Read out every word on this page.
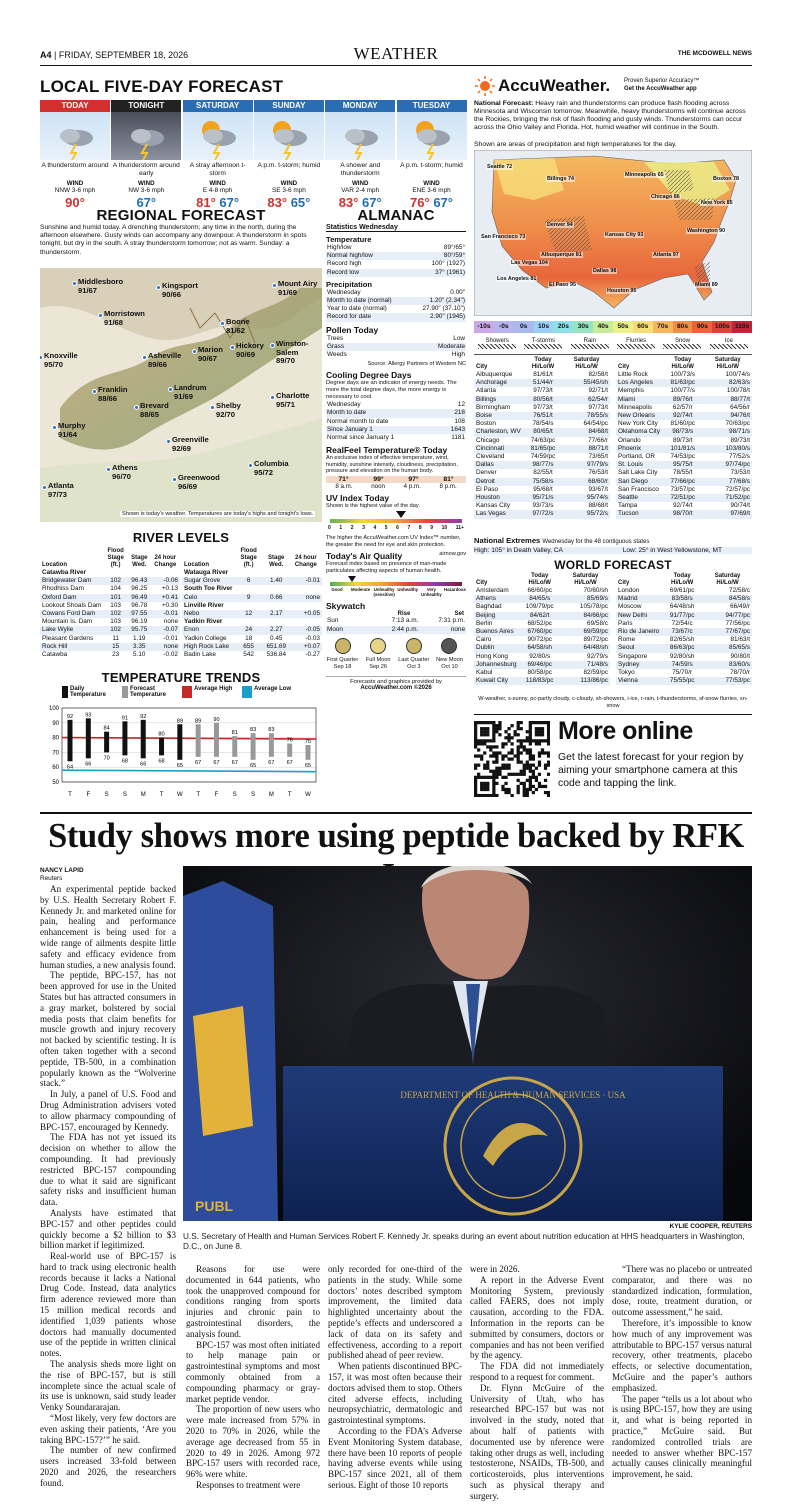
A4 | FRIDAY, SEPTEMBER 18, 2026	WEATHER	THE MCDOWELL NEWS
LOCAL FIVE-DAY FORECAST
TODAY
A thunderstorm around
WIND
NNW 3-6 mph
90°
TONIGHT
A thunderstorm around early
WIND
NW 3-6 mph
67°
SATURDAY
A stray afternoon t-storm
WIND
E 4-8 mph
81° 67°
SUNDAY
A p.m. t-storm; humid
WIND
SE 3-6 mph
83° 65°
MONDAY
A shower and thunderstorm
WIND
VAR 2-4 mph
83° 67°
TUESDAY
A p.m. t-storm; humid
WIND
ENE 3-6 mph
76° 67°
REGIONAL FORECAST
Sunshine and humid today. A drenching thunderstorm; any time in the north, during the afternoon elsewhere. Gusty winds can accompany any downpour. A thunderstorm in spots tonight, but dry in the south. A stray thunderstorm tomorrow; not as warm. Sunday: a thunderstorm.
Middlesboro
91/67	Kingsport
90/66
Mount Airy
91/69
Morristown
91/68	Boone
81/62
Knoxville
95/70
Asheville
89/66
Marion
90/67
Hickory
90/69
Winston-Salem
89/70
Franklin
88/66
Landrum
91/69
Brevard
88/65
Shelby
92/70
Charlotte
95/71
Murphy
91/64
Greenville
92/69
Athens
96/70	Greenwood
96/69
Columbia
95/72
Atlanta
97/73
Shown is today's weather. Temperatures are today's highs and tonight's lows.
ALMANAC
Statistics Wednesday
Temperature
High/low	89°/65°
Normal high/low	80°/59°
Record high	100° (1927)
Record low	37° (1961)
Precipitation
Wednesday	0.00"
Month to date (normal)	1.20" (2.34")
Year to date (normal)	27.90" (37.10")
Record for date	2.90" (1945)
Pollen Today
Trees	Low
Grass	Moderate
Weeds	High
Source: Allergy Partners of Western NC
Cooling Degree Days
Degree days are an indicator of energy needs. The more the total degree days, the more energy is necessary to cool.
Wednesday	12
Month to date	218
Normal month to date	108
Since January 1	1643
Normal since January 1	1181
RealFeel Temperature® Today
An exclusive index of effective temperature, wind, humidity, sunshine intensity, cloudiness, precipitation, pressure and elevation on the human body.
71°	99°	97°	81°
8 a.m.	noon	4 p.m.	8 p.m.
UV Index Today
Shown is the highest value of the day.
0 1 2 3 4 5 6 7 8 9 10 11+
The higher the AccuWeather.com UV Index™ number, the greater the need for eye and skin protection.
Today's Air Quality	airnow.gov
Forecast index based on presence of man-made particulates affecting aspects of human health.
Good	Moderate Unhealthy (sensitive)
Unhealthy	Very Unhealthy
Hazardous
Skywatch
Rise	Set
Sun	7:13 a.m.	7:31 p.m.
Moon	2:44 p.m.	none
First Quarter
Sep 18
Full Moon
Sep 26
Last Quarter
Oct 3
New Moon
Oct 10
Forecasts and graphics provided by
AccuWeather.com ©2026
RIVER LEVELS
Location	Flood Stage (ft.)	Stage Wed.	24 hour Change
Catawba River			
Bridgewater Dam	102	96.43	-0.06
Rhodhiss Dam	104	96.25	+0.13
Oxford Dam	101	96.49	+0.41
Lookout Shoals Dam	103	96.78	+0.30
Cowans Ford Dam	102	97.55	-0.01
Mountain Is. Dam	103	96.19	none
Lake Wylie	102	95.75	-0.07
Pleasant Gardens	11	1.19	-0.01
Rock Hill	15	3.35	none
Catawba	23	5.10	-0.02
Location	Flood Stage (ft.)	Stage Wed.	24 hour Change
Watauga River			
Sugar Grove	6	1.40	-0.01
South Toe River			
Celo	9	0.66	none
Linville River			
Nebo	12	2.17	+0.05
Yadkin River			
Enon	24	2.27	-0.05
Yadkin College	18	0.45	-0.03
High Rock Lake	655	651.69	+0.07
Badin Lake	542	536.84	-0.27
TEMPERATURE TRENDS
Daily Temperature
Forecast Temperature
Average High	Average Low
100
90
80
70
60
50
92
64
T
93
66
F
84
70
S
91
68
S
92
66
M
80
68
T
89
65
W
89
67
T
90
67
F
81
67
S
83
65
S
83
67
M
76
67
T
75
65
W
AccuWeather. Proven Superior Accuracy™
Get the AccuWeather app
National Forecast: Heavy rain and thunderstorms can produce flash flooding across Minnesota and Wisconsin tomorrow. Meanwhile, heavy thunderstorms will continue across the Rockies, bringing the risk of flash flooding and gusty winds. Thunderstorms can occur across the Ohio Valley and Florida. Hot, humid weather will continue in the South.
Shown are areas of precipitation and high temperatures for the day.
Seattle 72
Billings 74
Minneapolis 65
Chicago 86
Boston 78
New York 85
Denver 94
Kansas City 93
Washington 90
San Francisco 73
Las Vegas 104
Albuquerque 81
Dallas 98
Atlanta 97
Los Angeles 81
El Paso 95
Houston 95
Miami 89
-10s	-0s	0s	10s	20s	30s	40s	50s	60s	70s	80s	90s	100s 110s
Showers	T-storms	Rain	Flurries	Snow	Ice
City	Today Hi/Lo/W	Saturday Hi/Lo/W
Albuquerque	81/61/t	82/58/t
Anchorage	51/44/r	55/45/sh
Atlanta	97/73/t	92/71/t
Billings	80/56/t	62/54/r
Birmingham	97/73/t	97/73/t
Boise	76/51/t	78/55/s
Boston	78/54/s	64/54/pc
Charleston, WV	80/65/t	84/68/t
Chicago	74/63/pc	77/66/r
Cincinnati	81/65/pc	88/71/t
Cleveland	74/59/pc	73/65/t
Dallas	98/77/s	97/79/s
Denver	82/55/t	76/53/t
Detroit	75/58/s	68/60/r
El Paso	95/68/t	93/67/t
Houston	95/71/s	95/74/s
Kansas City	93/73/s	88/68/t
Las Vegas	97/72/s	95/72/s
City	Today Hi/Lo/W	Saturday Hi/Lo/W
Little Rock	100/73/s	100/74/s
Los Angeles	81/63/pc	82/63/s
Memphis	100/77/s	100/78/t
Miami	89/76/t	88/77/t
Minneapolis	62/57/r	64/56/r
New Orleans	92/74/t	94/76/t
New York City	81/60/pc	70/63/pc
Oklahoma City	98/73/s	98/71/s
Orlando	89/73/t	89/73/t
Phoenix	101/81/s	103/80/s
Portland, OR	74/53/pc	77/52/s
St. Louis	95/75/t	97/74/pc
Salt Lake City	78/55/t	73/53/t
San Diego	77/66/pc	77/68/s
San Francisco	73/57/pc	72/57/pc
Seattle	72/51/pc	71/52/pc
Tampa	92/74/t	90/74/t
Tucson	98/70/t	97/69/t
National Extremes Wednesday for the 48 contiguous states
High: 105° in Death Valley, CA	Low: 25° in West Yellowstone, MT
WORLD FORECAST
City	Today Hi/Lo/W	Saturday Hi/Lo/W
Amsterdam	66/60/pc	70/60/sh
Athens	84/65/s	85/69/s
Baghdad	109/79/pc	105/78/pc
Beijing	84/62/t	84/66/pc
Berlin	68/52/pc	69/58/c
Buenos Aires	67/60/pc	69/59/pc
Cairo	90/72/pc	89/72/pc
Dublin	64/58/sh	64/48/sh
Hong Kong	92/80/s	92/79/s
Johannesburg	69/46/pc	71/48/s
Kabul	80/58/pc	82/59/pc
Kuwait City	118/83/pc	113/86/pc
City	Today Hi/Lo/W	Saturday Hi/Lo/W
London	69/61/pc	72/58/c
Madrid	83/58/s	84/58/s
Moscow	64/48/sh	66/49/r
New Delhi	91/77/pc	94/77/pc
Paris	72/54/c	77/56/pc
Rio de Janeiro	73/67/c	77/67/pc
Rome	82/65/sh	81/63/t
Seoul	86/63/pc	85/65/s
Singapore	92/80/sh	90/80/t
Sydney	74/59/s	83/60/s
Tokyo	75/70/r	78/70/r
Vienna	75/55/pc	77/53/pc
W-weather, s-sunny, pc-partly cloudy, c-cloudy, sh-showers, i-ice, r-rain, t-thunderstorms, sf-snow flurries, sn-snow
More online
Get the latest forecast for your region by aiming your smartphone camera at this code and tapping the link.
Study shows more using peptide backed by RFK
NANCY LAPID
Reuters
DEPARTMENT OF HEALTH & HUMAN SERVICES · USA
PUBL
KYLIE COOPER, REUTERS
U.S. Secretary of Health and Human Services Robert F. Kennedy Jr. speaks during an event about nutrition education at HHS headquarters in Washington, D.C., on June 8.

An experimental peptide backed by U.S. Health Secretary Robert F. Kennedy Jr. and marketed online for pain, healing and performance enhancement is being used for a wide range of ailments despite little safety and efficacy evidence from human studies, a new analysis found.

The peptide, BPC-157, has not been approved for use in the United States but has attracted consumers in a gray market, bolstered by social media posts that claim benefits for muscle growth and injury recovery not backed by scientific testing. It is often taken together with a second peptide, TB-500, in a combination popularly known as the “Wolverine stack.”

In July, a panel of U.S. Food and Drug Administration advisers voted to allow pharmacy compounding of BPC-157, encouraged by Kennedy.

The FDA has not yet issued its decision on whether to allow the compounding. It had previously restricted BPC-157 compounding due to what it said are significant safety risks and insufficient human data.

Analysts have estimated that BPC-157 and other peptides could quickly become a $2 billion to $3 billion market if legitimized.

Real-world use of BPC-157 is hard to track using electronic health records because it lacks a National Drug Code. Instead, data analytics firm aderence reviewed more than 15 million medical records and identified 1,039 patients whose doctors had manually documented use of the peptide in written clinical notes.

The analysis sheds more light on the rise of BPC-157, but is still incomplete since the actual scale of its use is unknown, said study leader Venky Soundararajan.

“Most likely, very few doctors are even asking their patients, ‘Are you taking BPC-157?’” he said.

The number of new confirmed users increased 33-fold between 2020 and 2026, the researchers found.

Reasons for use were documented in 644 patients, who took the unapproved compound for conditions ranging from sports injuries and chronic pain to gastrointestinal disorders, the analysis found.

BPC-157 was most often initiated to help manage pain or gastrointestinal symptoms and most commonly obtained from a compounding pharmacy or gray-market peptide vendor.

The proportion of new users who were male increased from 57% in 2020 to 70% in 2026, while the average age decreased from 55 in 2020 to 49 in 2026. Among 972 BPC-157 users with recorded race, 96% were white.

Responses to treatment were

only recorded for one-third of the patients in the study. While some doctors’ notes described symptom improvement, the limited data highlighted uncertainty about the peptide’s effects and underscored a lack of data on its safety and effectiveness, according to a report published ahead of peer review.

When patients discontinued BPC-157, it was most often because their doctors advised them to stop. Others cited adverse effects, including neuropsychiatric, dermatologic and gastrointestinal symptoms.

According to the FDA’s Adverse Event Monitoring System database, there have been 10 reports of people having adverse events while using BPC-157 since 2021, all of them serious. Eight of those 10 reports

were in 2026.

A report in the Adverse Event Monitoring System, previously called FAERS, does not imply causation, according to the FDA. Information in the reports can be submitted by consumers, doctors or companies and has not been verified by the agency.

The FDA did not immediately respond to a request for comment.

Dr. Flynn McGuire of the University of Utah, who has researched BPC-157 but was not involved in the study, noted that about half of patients with documented use by nference were taking other drugs as well, including testosterone, NSAIDs, TB-500, and corticosteroids, plus interventions such as physical therapy and surgery.

“There was no placebo or untreated comparator, and there was no standardized indication, formulation, dose, route, treatment duration, or outcome assessment,” he said.

Therefore, it’s impossible to know how much of any improvement was attributable to BPC-157 versus natural recovery, other treatments, placebo effects, or selective documentation, McGuire and the paper’s authors emphasized.

The paper “tells us a lot about who is using BPC-157, how they are using it, and what is being reported in practice,” McGuire said. But randomized controlled trials are needed to answer whether BPC-157 actually causes clinically meaningful improvement, he said.
